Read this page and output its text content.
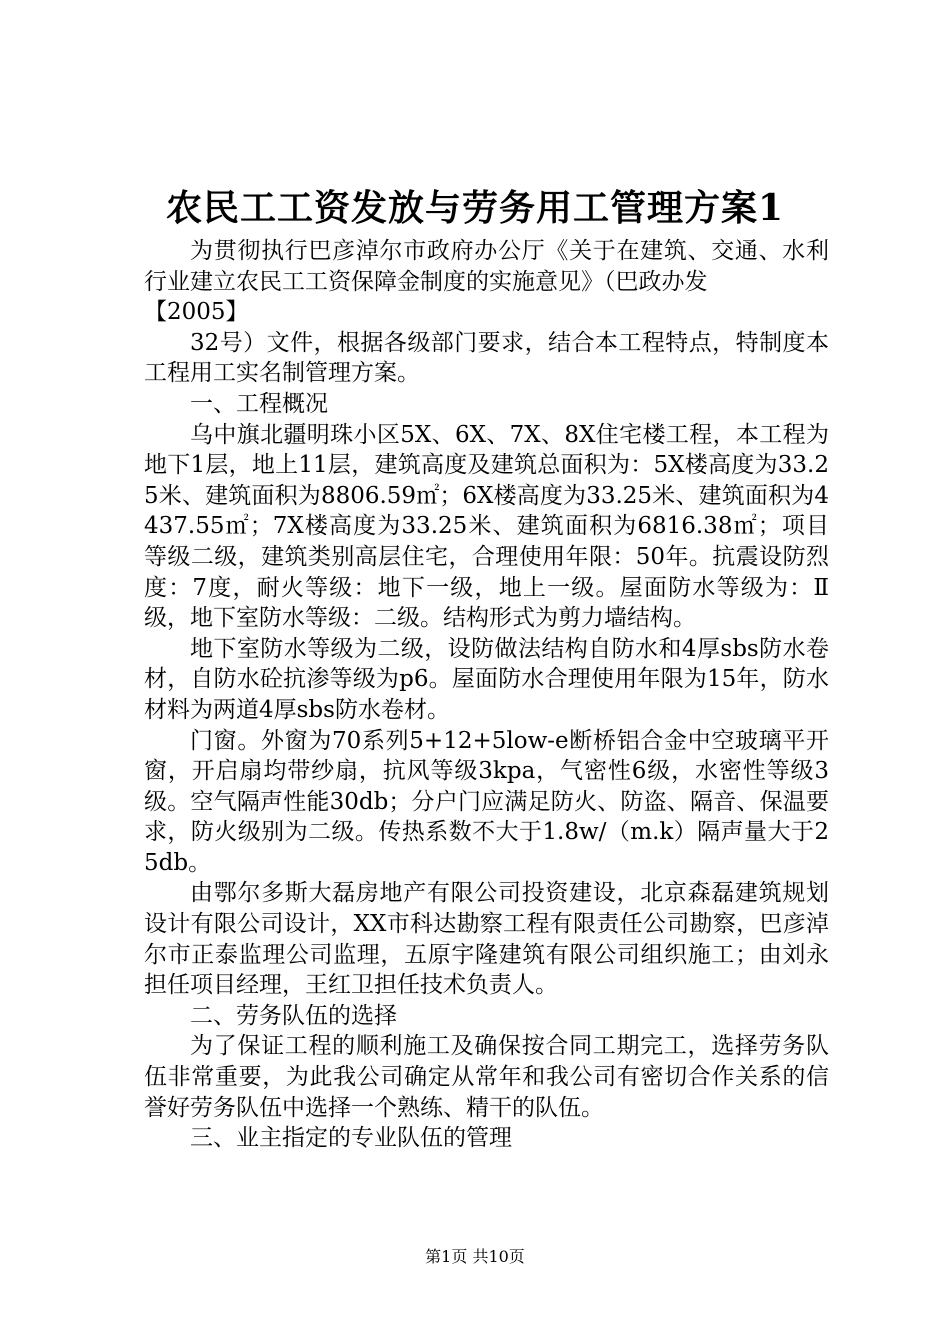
农民工工资发放与劳务用工管理方案1

为贯彻执行巴彦淖尔市政府办公厅《关于在建筑、交通、水利行业建立农民工工资保障金制度的实施意见》（巴政办发

【2005】

32号）文件，根据各级部门要求，结合本工程特点，特制度本工程用工实名制管理方案。

一、工程概况

乌中旗北疆明珠小区5X、6X、7X、8X住宅楼工程，本工程为地下1层，地上11层，建筑高度及建筑总面积为：5X楼高度为33.25米、建筑面积为8806.59㎡；6X楼高度为33.25米、建筑面积为4437.55㎡；7X楼高度为33.25米、建筑面积为6816.38㎡；项目等级二级，建筑类别高层住宅，合理使用年限：50年。抗震设防烈度：7度，耐火等级：地下一级，地上一级。屋面防水等级为：Ⅱ级，地下室防水等级：二级。结构形式为剪力墙结构。

地下室防水等级为二级，设防做法结构自防水和4厚sbs防水卷材，自防水砼抗渗等级为p6。屋面防水合理使用年限为15年，防水材料为两道4厚sbs防水卷材。

门窗。外窗为70系列5+12+5low-e断桥铝合金中空玻璃平开窗，开启扇均带纱扇，抗风等级3kpa，气密性6级，水密性等级3级。空气隔声性能30db；分户门应满足防火、防盗、隔音、保温要求，防火级别为二级。传热系数不大于1.8w/（m.k）隔声量大于25db。

由鄂尔多斯大磊房地产有限公司投资建设，北京森磊建筑规划设计有限公司设计，XX市科达勘察工程有限责任公司勘察，巴彦淖尔市正泰监理公司监理，五原宇隆建筑有限公司组织施工；由刘永担任项目经理，王红卫担任技术负责人。

二、劳务队伍的选择

为了保证工程的顺利施工及确保按合同工期完工，选择劳务队伍非常重要，为此我公司确定从常年和我公司有密切合作关系的信誉好劳务队伍中选择一个熟练、精干的队伍。

三、业主指定的专业队伍的管理

第1页 共10页
